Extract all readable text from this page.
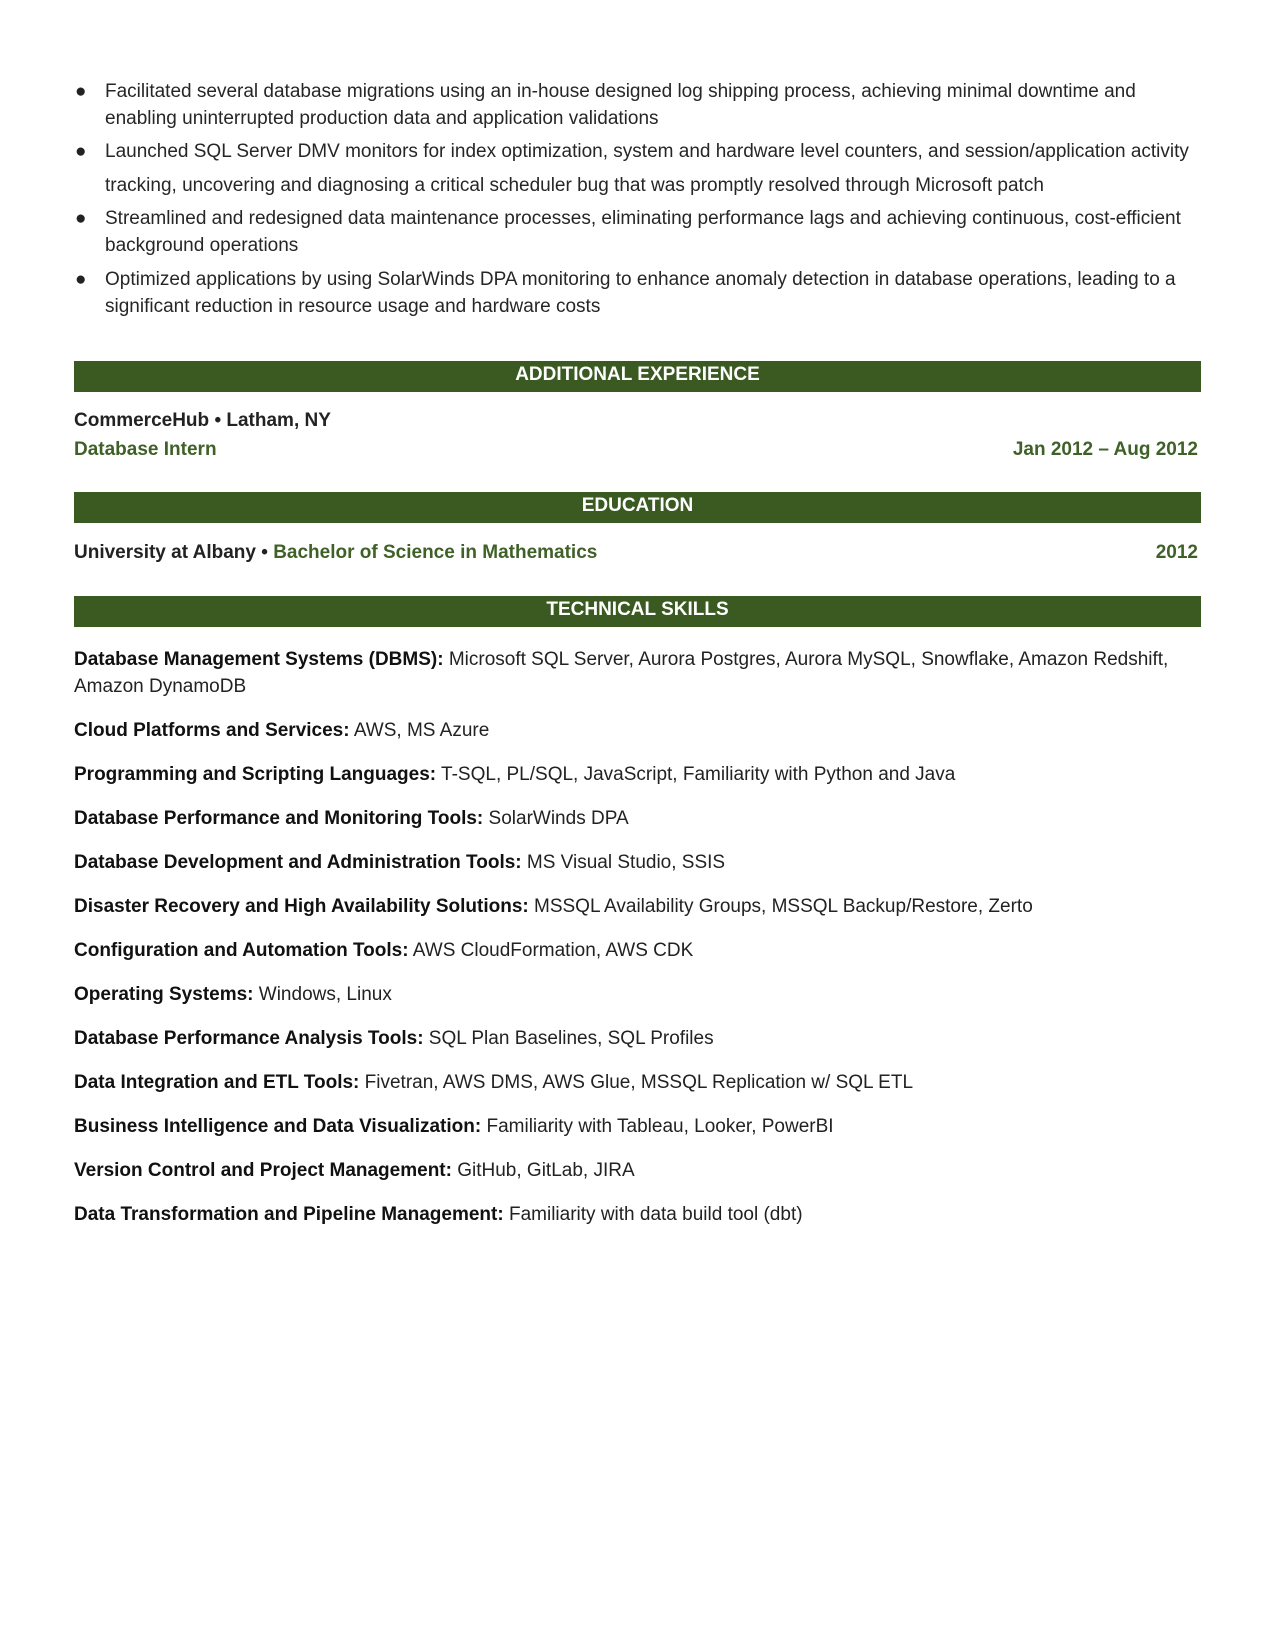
● Facilitated several database migrations using an in-house designed log shipping process, achieving minimal downtime and enabling uninterrupted production data and application validations
● Launched SQL Server DMV monitors for index optimization, system and hardware level counters, and session/application activity tracking, uncovering and diagnosing a critical scheduler bug that was promptly resolved through Microsoft patch
● Streamlined and redesigned data maintenance processes, eliminating performance lags and achieving continuous, cost-efficient background operations
● Optimized applications by using SolarWinds DPA monitoring to enhance anomaly detection in database operations, leading to a significant reduction in resource usage and hardware costs
ADDITIONAL EXPERIENCE
CommerceHub • Latham, NY
Database Intern	Jan 2012 – Aug 2012
EDUCATION
University at Albany • Bachelor of Science in Mathematics	2012
TECHNICAL SKILLS
Database Management Systems (DBMS): Microsoft SQL Server, Aurora Postgres, Aurora MySQL, Snowflake, Amazon Redshift, Amazon DynamoDB
Cloud Platforms and Services: AWS, MS Azure
Programming and Scripting Languages: T-SQL, PL/SQL, JavaScript, Familiarity with Python and Java
Database Performance and Monitoring Tools: SolarWinds DPA
Database Development and Administration Tools: MS Visual Studio, SSIS
Disaster Recovery and High Availability Solutions: MSSQL Availability Groups, MSSQL Backup/Restore, Zerto
Configuration and Automation Tools: AWS CloudFormation, AWS CDK
Operating Systems: Windows, Linux
Database Performance Analysis Tools: SQL Plan Baselines, SQL Profiles
Data Integration and ETL Tools: Fivetran, AWS DMS, AWS Glue, MSSQL Replication w/ SQL ETL
Business Intelligence and Data Visualization: Familiarity with Tableau, Looker, PowerBI
Version Control and Project Management: GitHub, GitLab, JIRA
Data Transformation and Pipeline Management: Familiarity with data build tool (dbt)
